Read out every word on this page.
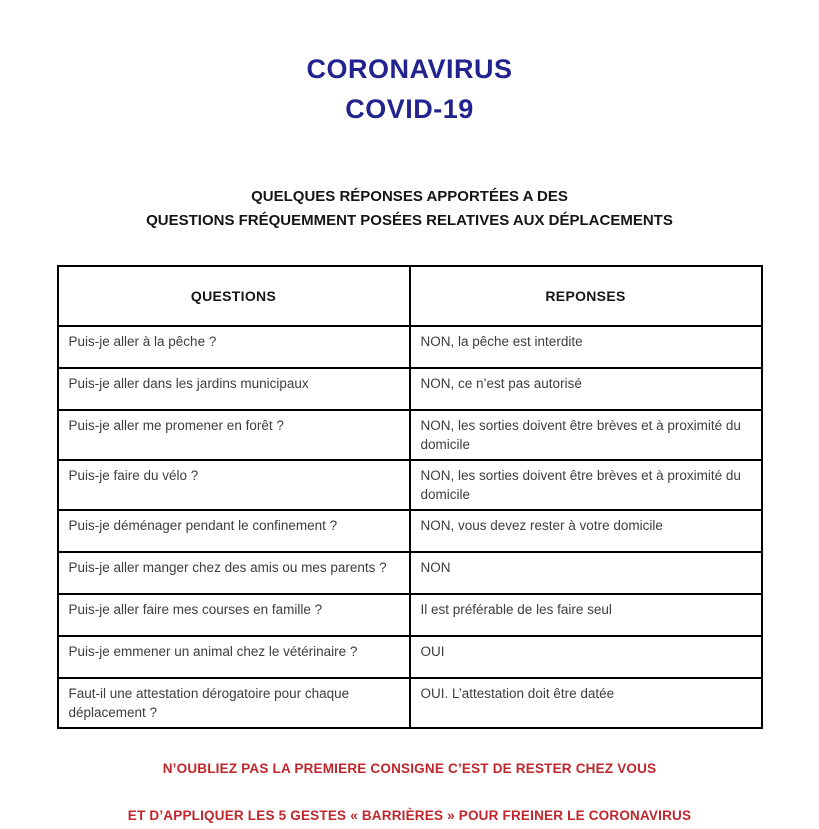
CORONAVIRUS
COVID-19
QUELQUES RÉPONSES APPORTÉES A DES
QUESTIONS FRÉQUEMMENT POSÉES RELATIVES AUX DÉPLACEMENTS
QUESTIONS	REPONSES
Puis-je aller à la pêche ?	NON, la pêche est interdite
Puis-je aller dans les jardins municipaux	NON, ce n’est pas autorisé
Puis-je aller me promener en forêt ?	NON, les sorties doivent être brèves et à proximité du domicile
Puis-je faire du vélo ?	NON, les sorties doivent être brèves et à proximité du domicile
Puis-je déménager pendant le confinement ?	NON, vous devez rester à votre domicile
Puis-je aller manger chez des amis ou mes parents ?	NON
Puis-je aller faire mes courses en famille ?	Il est préférable de les faire seul
Puis-je emmener un animal chez le vétérinaire ?	OUI
Faut-il une attestation dérogatoire pour chaque déplacement ?	OUI. L’attestation doit être datée
N’OUBLIEZ PAS LA PREMIERE CONSIGNE C’EST DE RESTER CHEZ VOUS
ET D’APPLIQUER LES 5 GESTES « BARRIÈRES » POUR FREINER LE CORONAVIRUS
